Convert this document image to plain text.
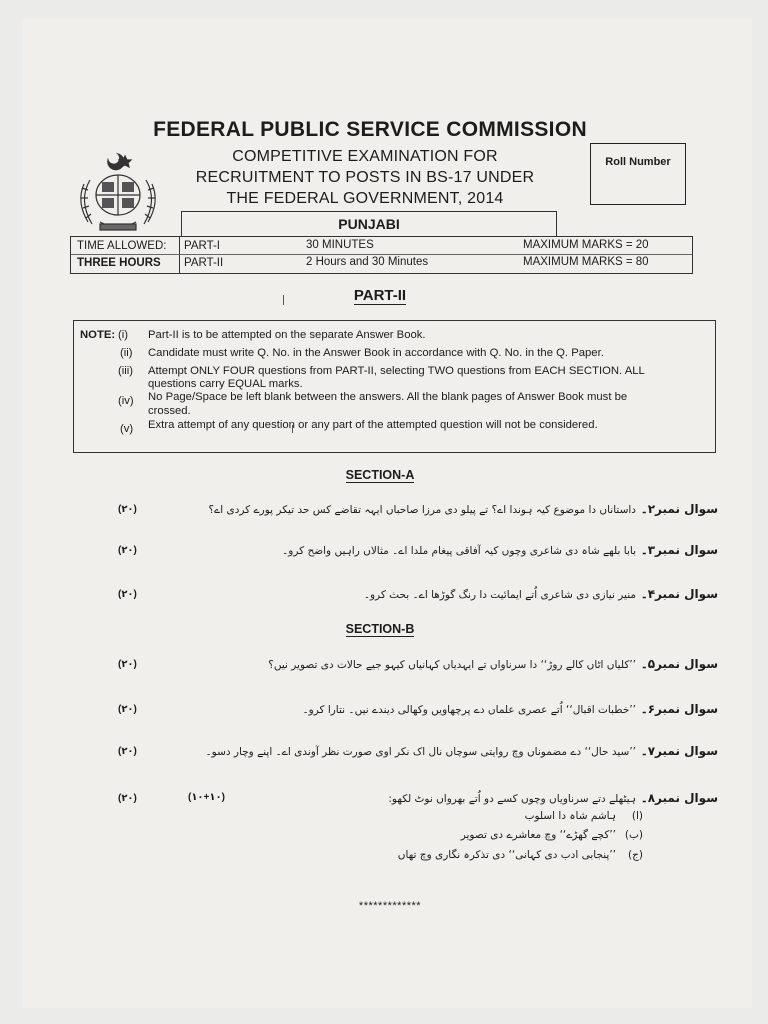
FEDERAL PUBLIC SERVICE COMMISSION
COMPETITIVE EXAMINATION FOR
RECRUITMENT TO POSTS IN BS-17 UNDER
THE FEDERAL GOVERNMENT, 2014
Roll Number
PUNJABI
TIME ALLOWED:
THREE HOURS
PART-I	30 MINUTES	MAXIMUM MARKS = 20
PART-II	2 Hours and 30 Minutes	MAXIMUM MARKS = 80
PART-II
NOTE: (i) Part-II is to be attempted on the separate Answer Book.
(ii) Candidate must write Q. No. in the Answer Book in accordance with Q. No. in the Q. Paper.
(iii) Attempt ONLY FOUR questions from PART-II, selecting TWO questions from EACH SECTION. ALL
questions carry EQUAL marks.
(iv) No Page/Space be left blank between the answers. All the blank pages of Answer Book must be
crossed.
(v) Extra attempt of any question or any part of the attempted question will not be considered.
SECTION-A
سوال نمبر۲۔
داستاناں دا موضوع کیہ ہوندا اے؟ تے پیلو دی مرزا صاحباں ایہہ تقاضے کس حد تیکر پورے کردی اے؟
(۲۰)
سوال نمبر۳۔
بابا بلھے شاہ دی شاعری وچوں کیہ آفاقی پیغام ملدا اے۔ مثالاں راہیں واضح کرو۔
(۲۰)
سوال نمبر۴۔
منیر نیازی دی شاعری اُتے ایمائیت دا رنگ گوڑھا اے۔ بحث کرو۔
(۲۰)
SECTION-B
سوال نمبر۵۔
’’کلیاں اٹاں کالے روڑ‘‘ دا سرناواں تے ایہدیاں کہانیاں کیہو جیے حالات دی تصویر نیں؟
(۲۰)
سوال نمبر۶۔
’’خطبات اقبال‘‘ اُتے عصری علماں دے پرچھاویں وکھالی دیندے نیں۔ نتارا کرو۔
(۲۰)
سوال نمبر۷۔
’’سید حال‘‘ دے مضموناں وچ روایتی سوچاں نال اک نکر اوی صورت نظر آوندی اے۔ اپنے وچار دسو۔
(۲۰)
سوال نمبر۸۔
ہیٹھلے دتے سرناویاں وچوں کسے دو اُتے بھرواں نوٹ لکھو:
(۲۰)	(۱۰+۱۰)
(ا)
ہاشم شاہ دا اسلوب
(ب)
’’کچے گھڑے‘‘ وچ معاشرے دی تصویر
(ج)
’’پنجابی ادب دی کہانی‘‘ دی تذکرہ نگاری وچ تھاں
*************
